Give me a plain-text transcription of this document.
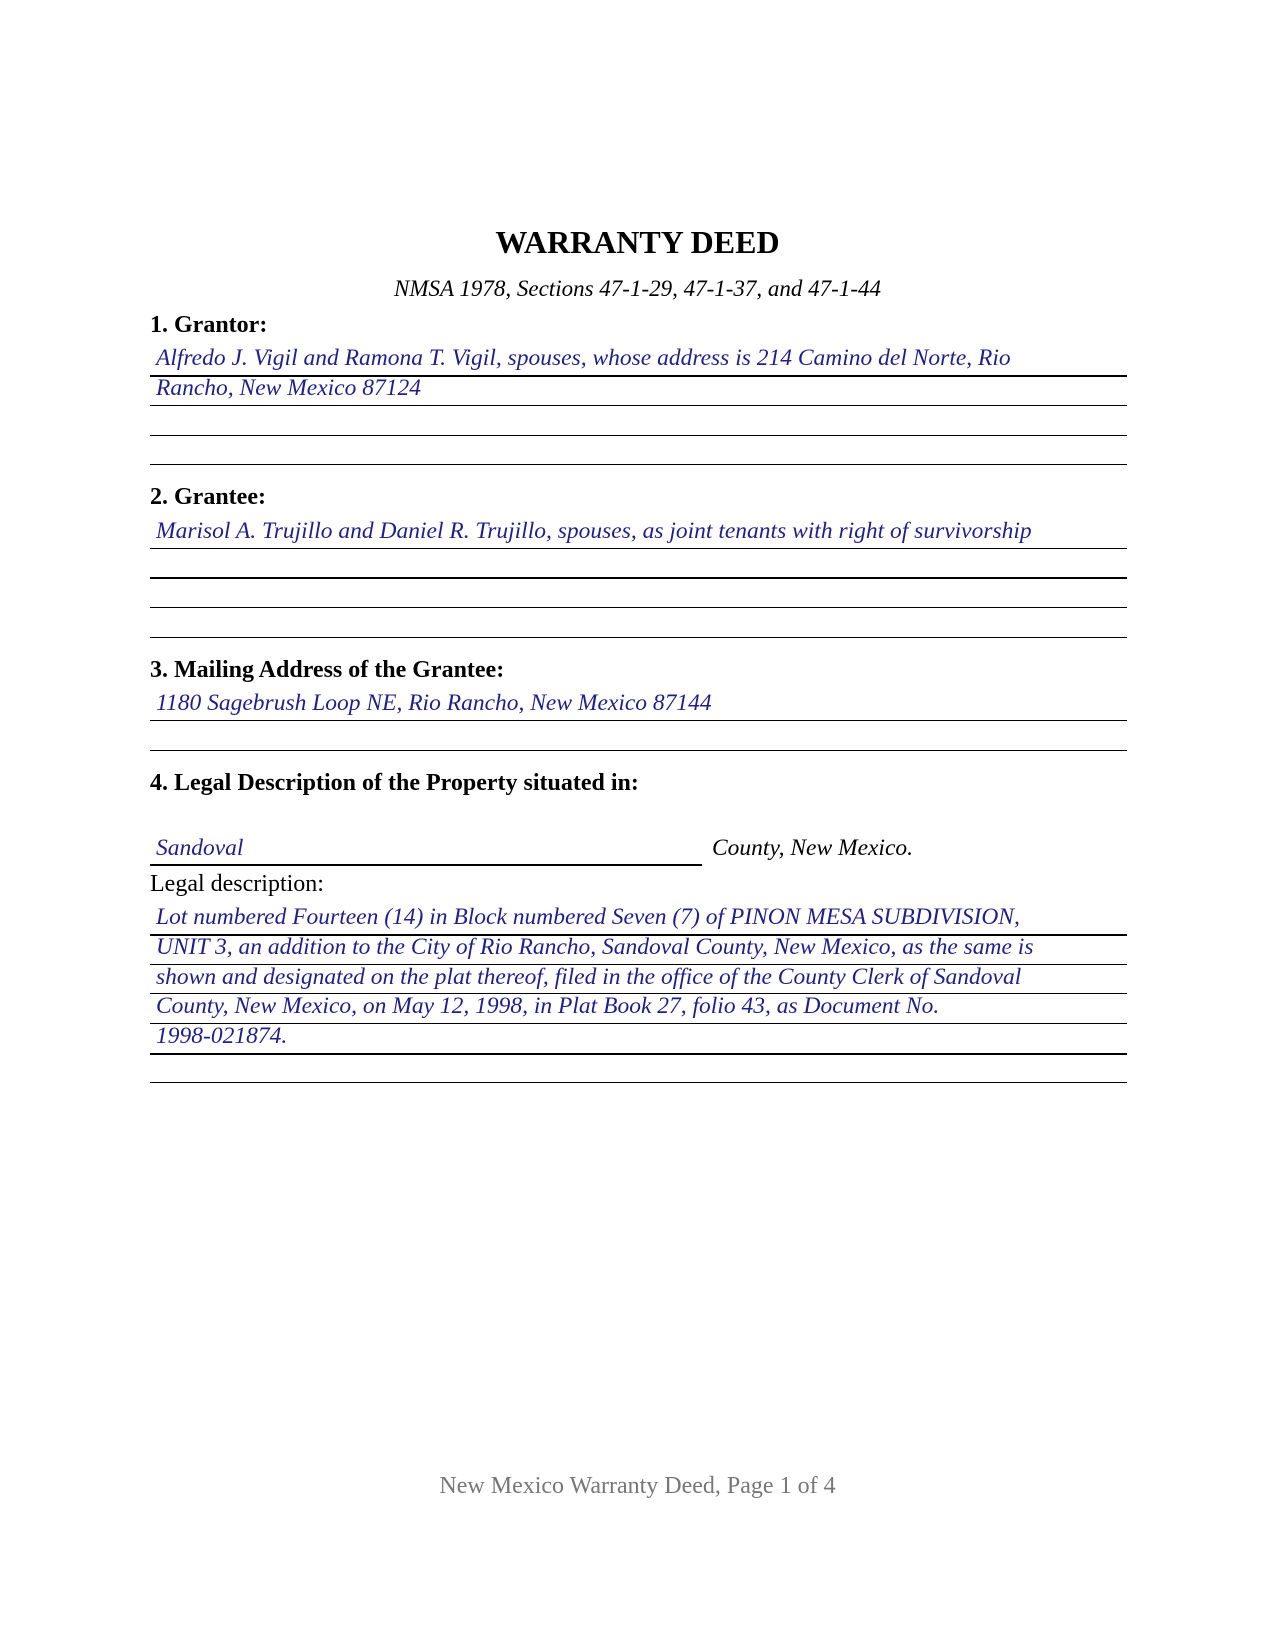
WARRANTY DEED
NMSA 1978, Sections 47-1-29, 47-1-37, and 47-1-44
1. Grantor:
Alfredo J. Vigil and Ramona T. Vigil, spouses, whose address is 214 Camino del Norte, Rio
Rancho, New Mexico 87124
2. Grantee:
Marisol A. Trujillo and Daniel R. Trujillo, spouses, as joint tenants with right of survivorship
3. Mailing Address of the Grantee:
1180 Sagebrush Loop NE, Rio Rancho, New Mexico 87144
4. Legal Description of the Property situated in:
Sandoval	County, New Mexico.
Legal description:
Lot numbered Fourteen (14) in Block numbered Seven (7) of PINON MESA SUBDIVISION,
UNIT 3, an addition to the City of Rio Rancho, Sandoval County, New Mexico, as the same is
shown and designated on the plat thereof, filed in the office of the County Clerk of Sandoval
County, New Mexico, on May 12, 1998, in Plat Book 27, folio 43, as Document No.
1998-021874.
New Mexico Warranty Deed, Page 1 of 4
